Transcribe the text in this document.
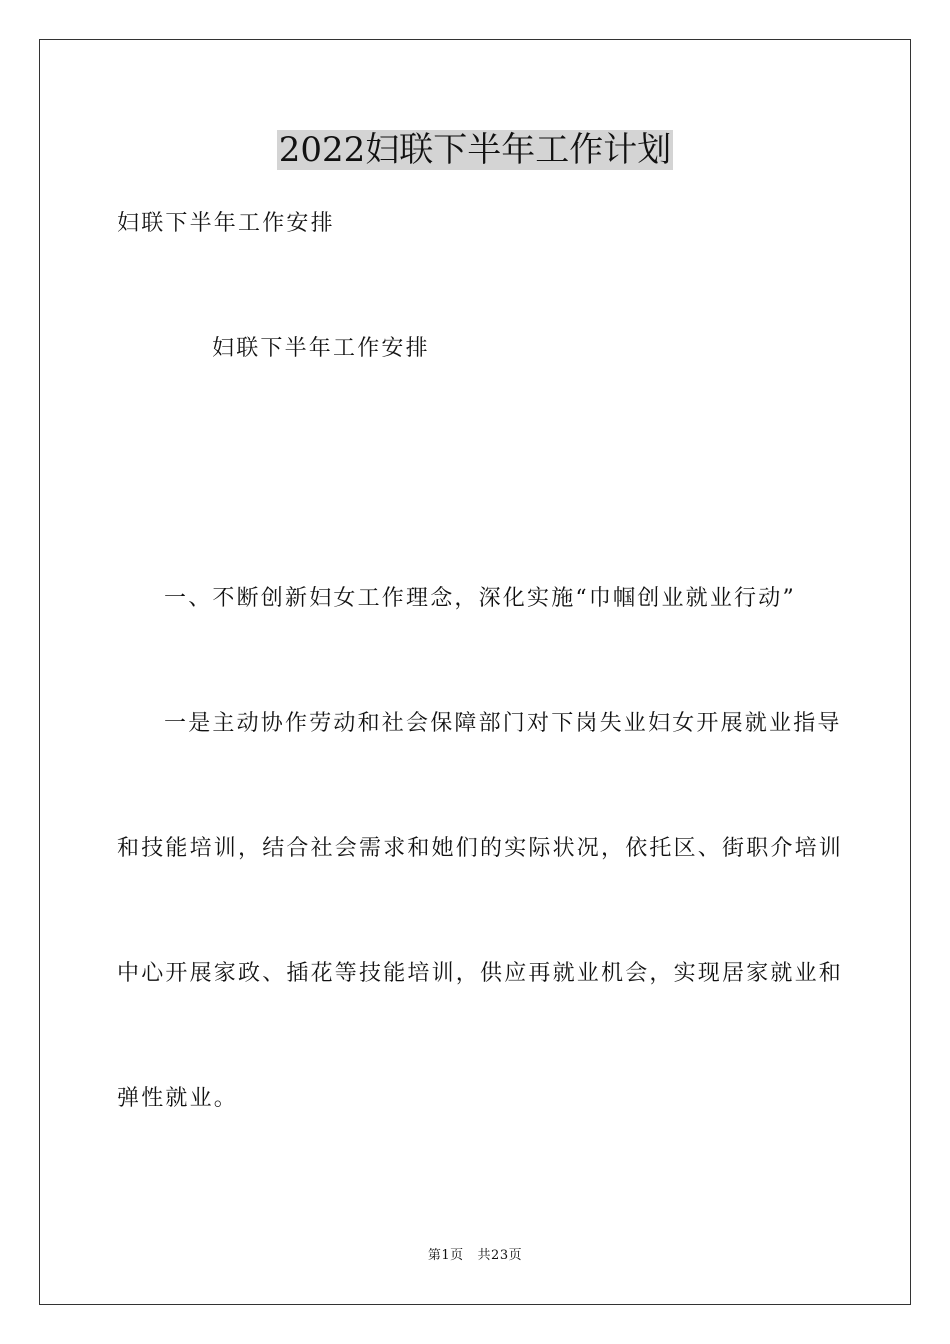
2022妇联下半年工作计划
妇联下半年工作安排
妇联下半年工作安排
一、不断创新妇女工作理念，深化实施“巾帼创业就业行动”
一是主动协作劳动和社会保障部门对下岗失业妇女开展就业指导
和技能培训，结合社会需求和她们的实际状况，依托区、街职介培训
中心开展家政、插花等技能培训，供应再就业机会，实现居家就业和
弹性就业。
第1页   共23页
